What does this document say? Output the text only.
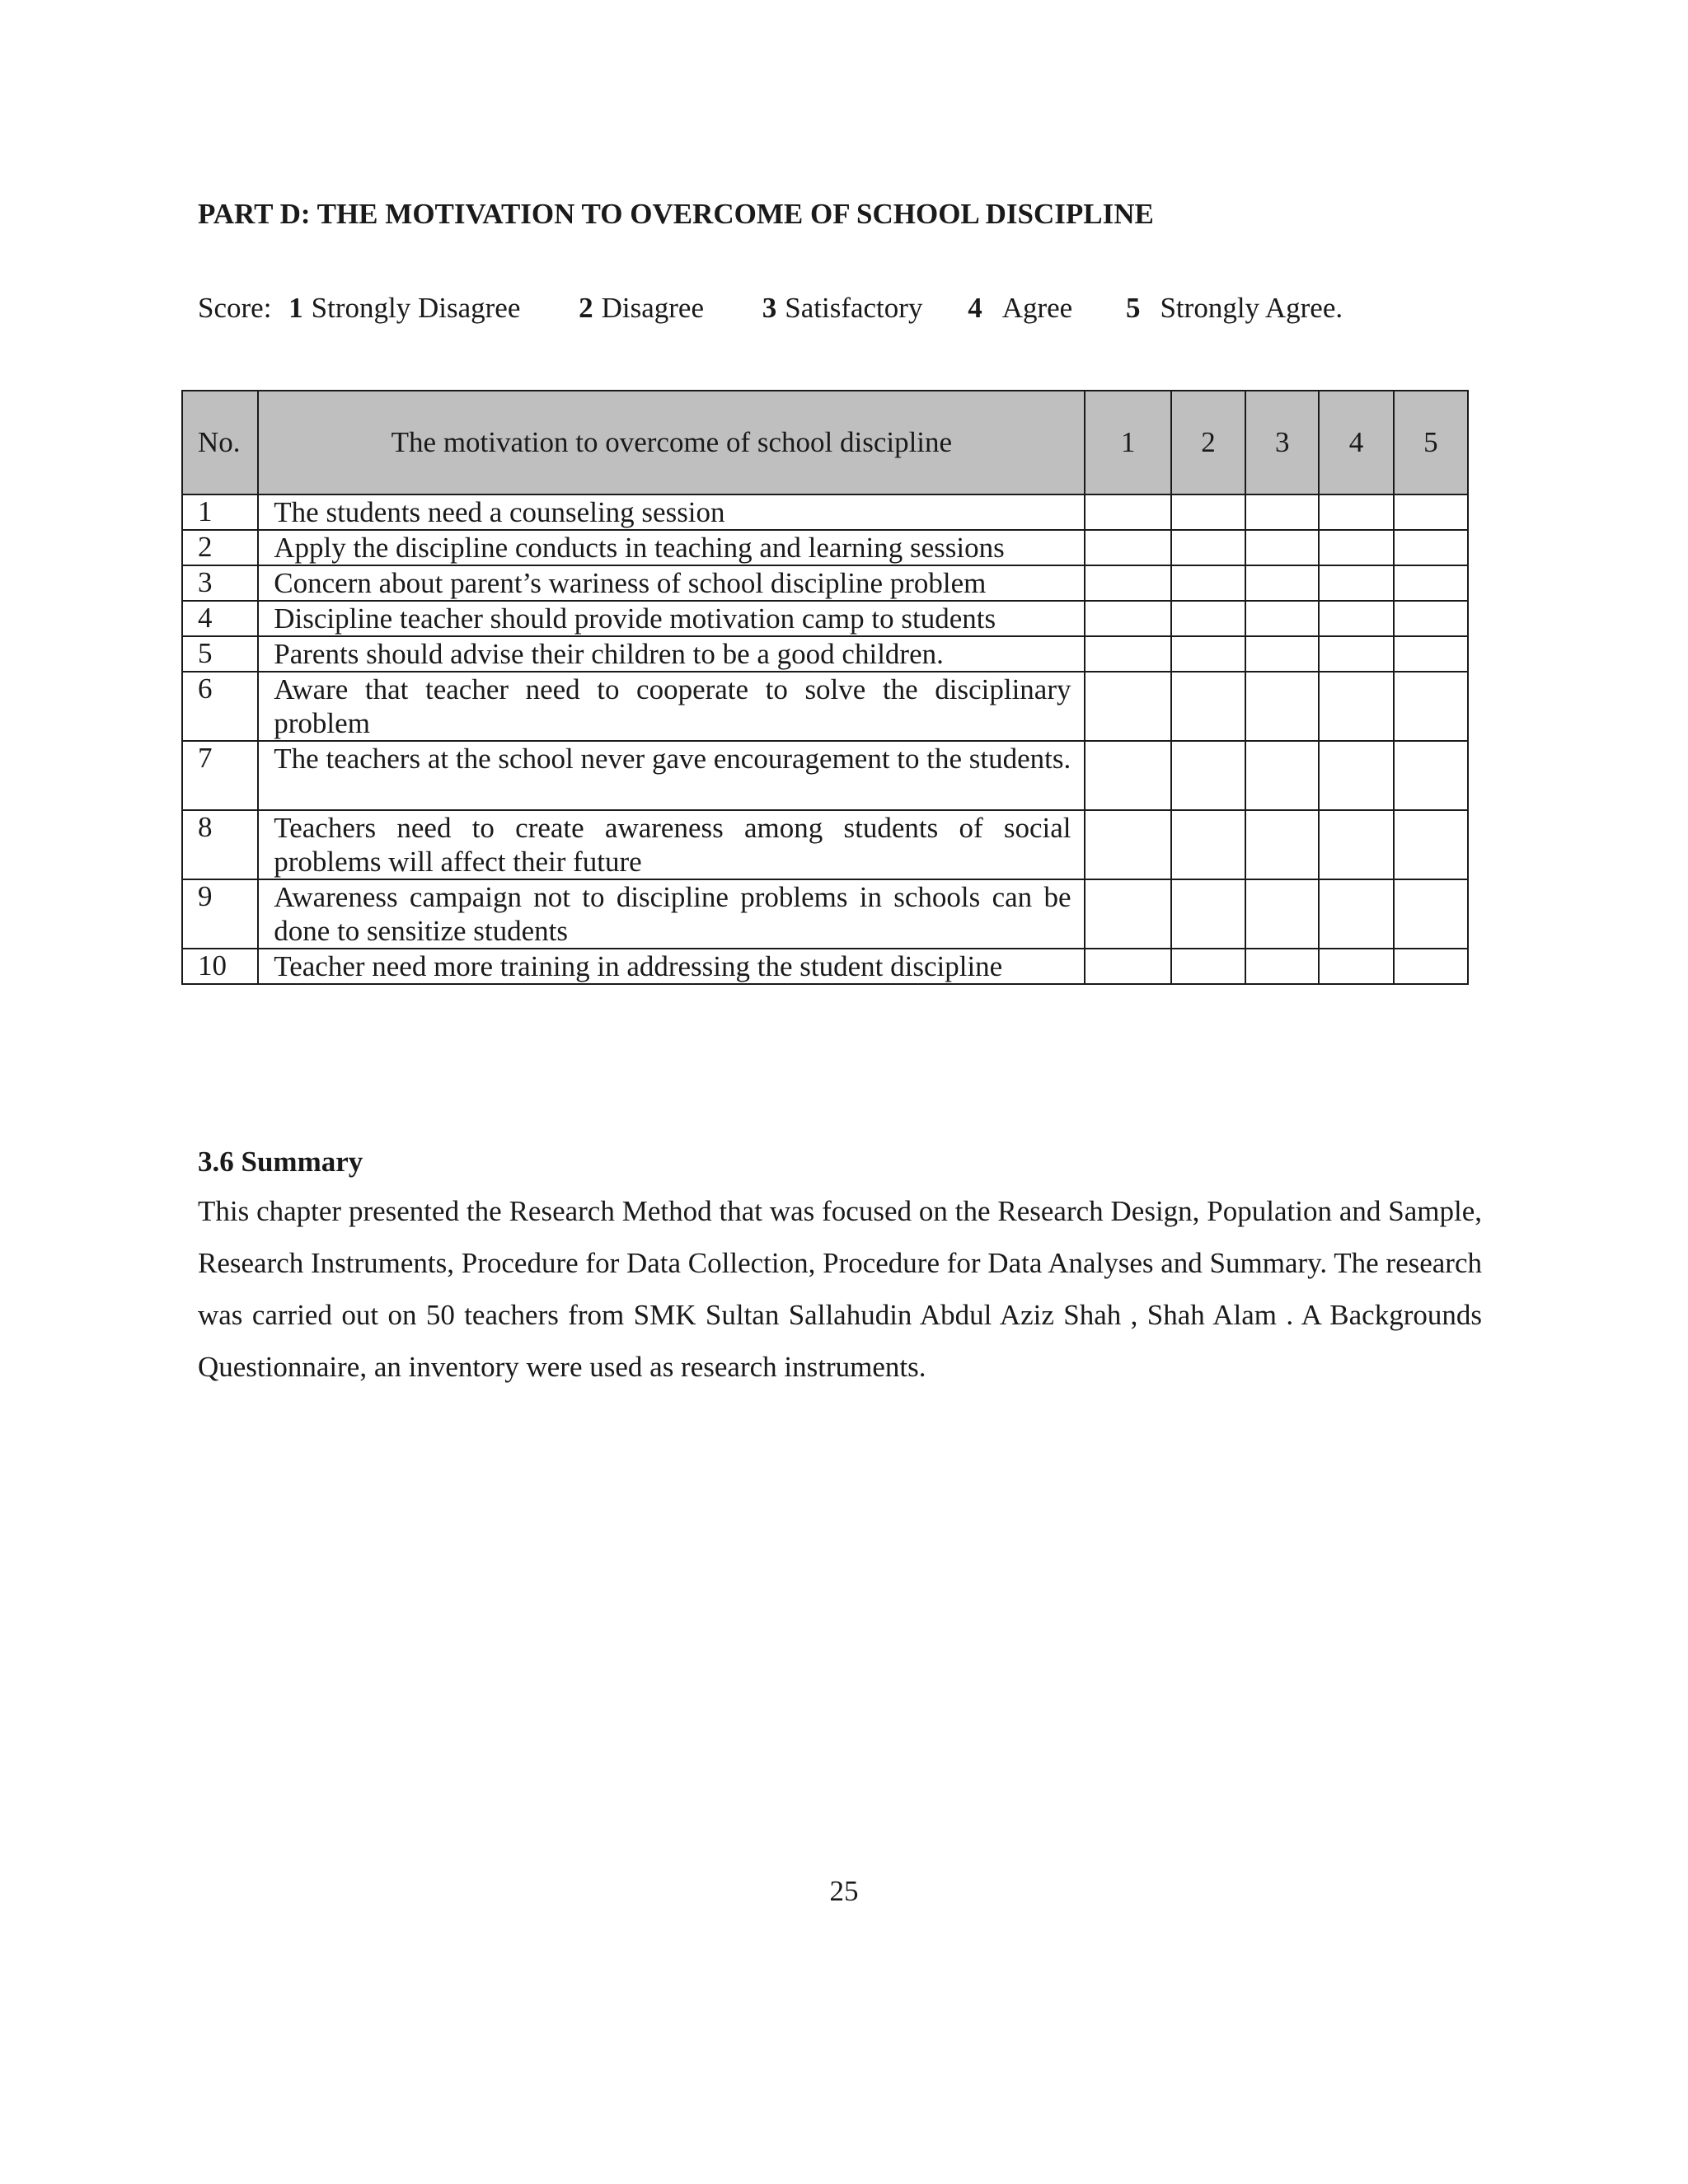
PART D: THE MOTIVATION TO OVERCOME OF SCHOOL DISCIPLINE
Score: 1 Strongly Disagree 2 Disagree 3 Satisfactory 4 Agree 5 Strongly Agree.
No.	The motivation to overcome of school discipline	1	2	3	4	5
1	The students need a counseling session					
2	Apply the discipline conducts in teaching and learning sessions					
3	Concern about parent’s wariness of school discipline problem					
4	Discipline teacher should provide motivation camp to students					
5	Parents should advise their children to be a good children.					
6	Aware that teacher need to cooperate to solve the disciplinary problem					
7	The teachers at the school never gave encouragement to the students.					
8	Teachers need to create awareness among students of social problems will affect their future					
9	Awareness campaign not to discipline problems in schools can be done to sensitize students					
10	Teacher need more training in addressing the student discipline					
3.6 Summary
This chapter presented the Research Method that was focused on the Research Design, Population and Sample, Research Instruments, Procedure for Data Collection, Procedure for Data Analyses and Summary. The research was carried out on 50 teachers from SMK Sultan Sallahudin Abdul Aziz Shah , Shah Alam . A Backgrounds Questionnaire, an inventory were used as research instruments.
25
